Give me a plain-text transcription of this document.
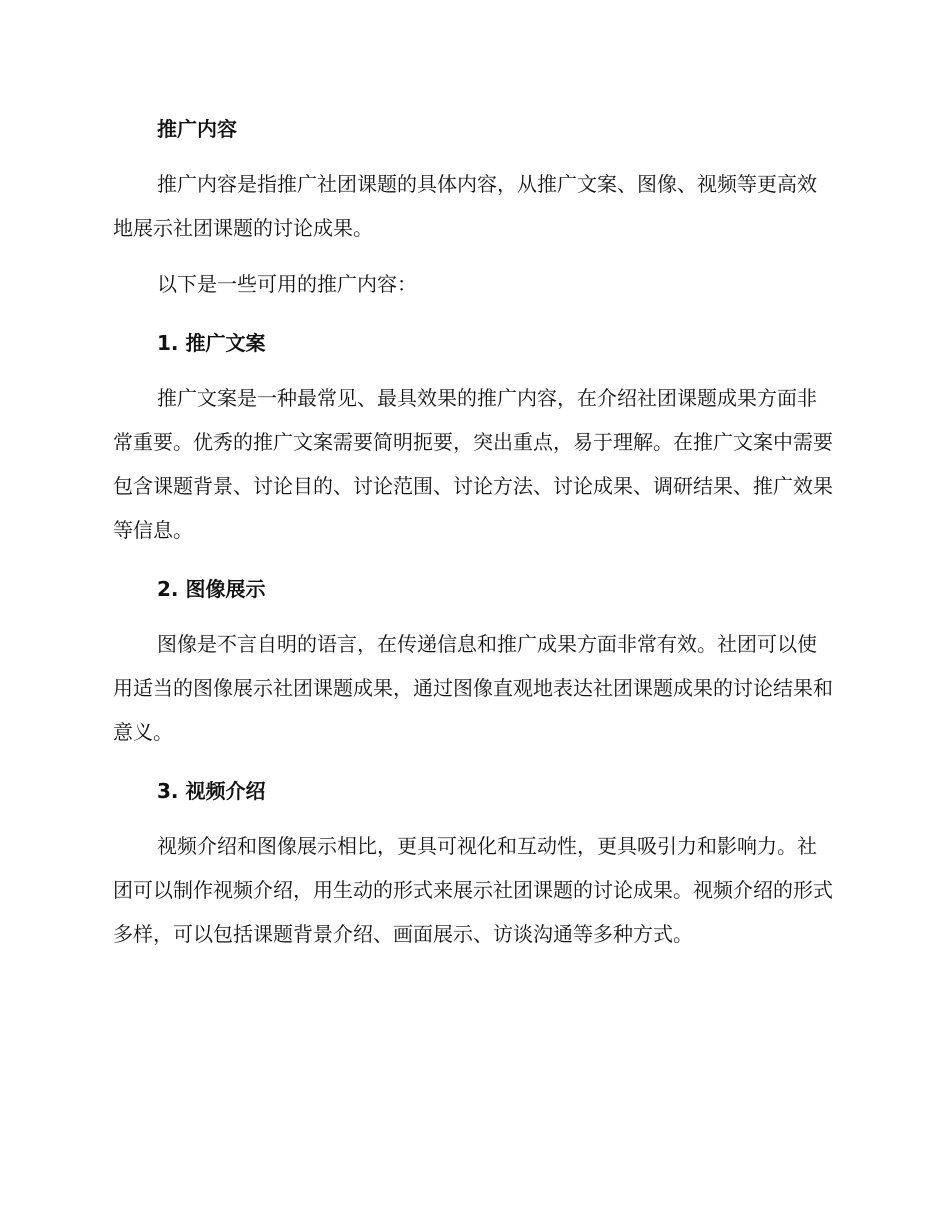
推广内容

推广内容是指推广社团课题的具体内容，从推广文案、图像、视频等更高效地展示社团课题的讨论成果。

以下是一些可用的推广内容：

1. 推广文案

推广文案是一种最常见、最具效果的推广内容，在介绍社团课题成果方面非常重要。优秀的推广文案需要简明扼要，突出重点，易于理解。在推广文案中需要包含课题背景、讨论目的、讨论范围、讨论方法、讨论成果、调研结果、推广效果等信息。

2. 图像展示

图像是不言自明的语言，在传递信息和推广成果方面非常有效。社团可以使用适当的图像展示社团课题成果，通过图像直观地表达社团课题成果的讨论结果和意义。

3. 视频介绍

视频介绍和图像展示相比，更具可视化和互动性，更具吸引力和影响力。社团可以制作视频介绍，用生动的形式来展示社团课题的讨论成果。视频介绍的形式多样，可以包括课题背景介绍、画面展示、访谈沟通等多种方式。
